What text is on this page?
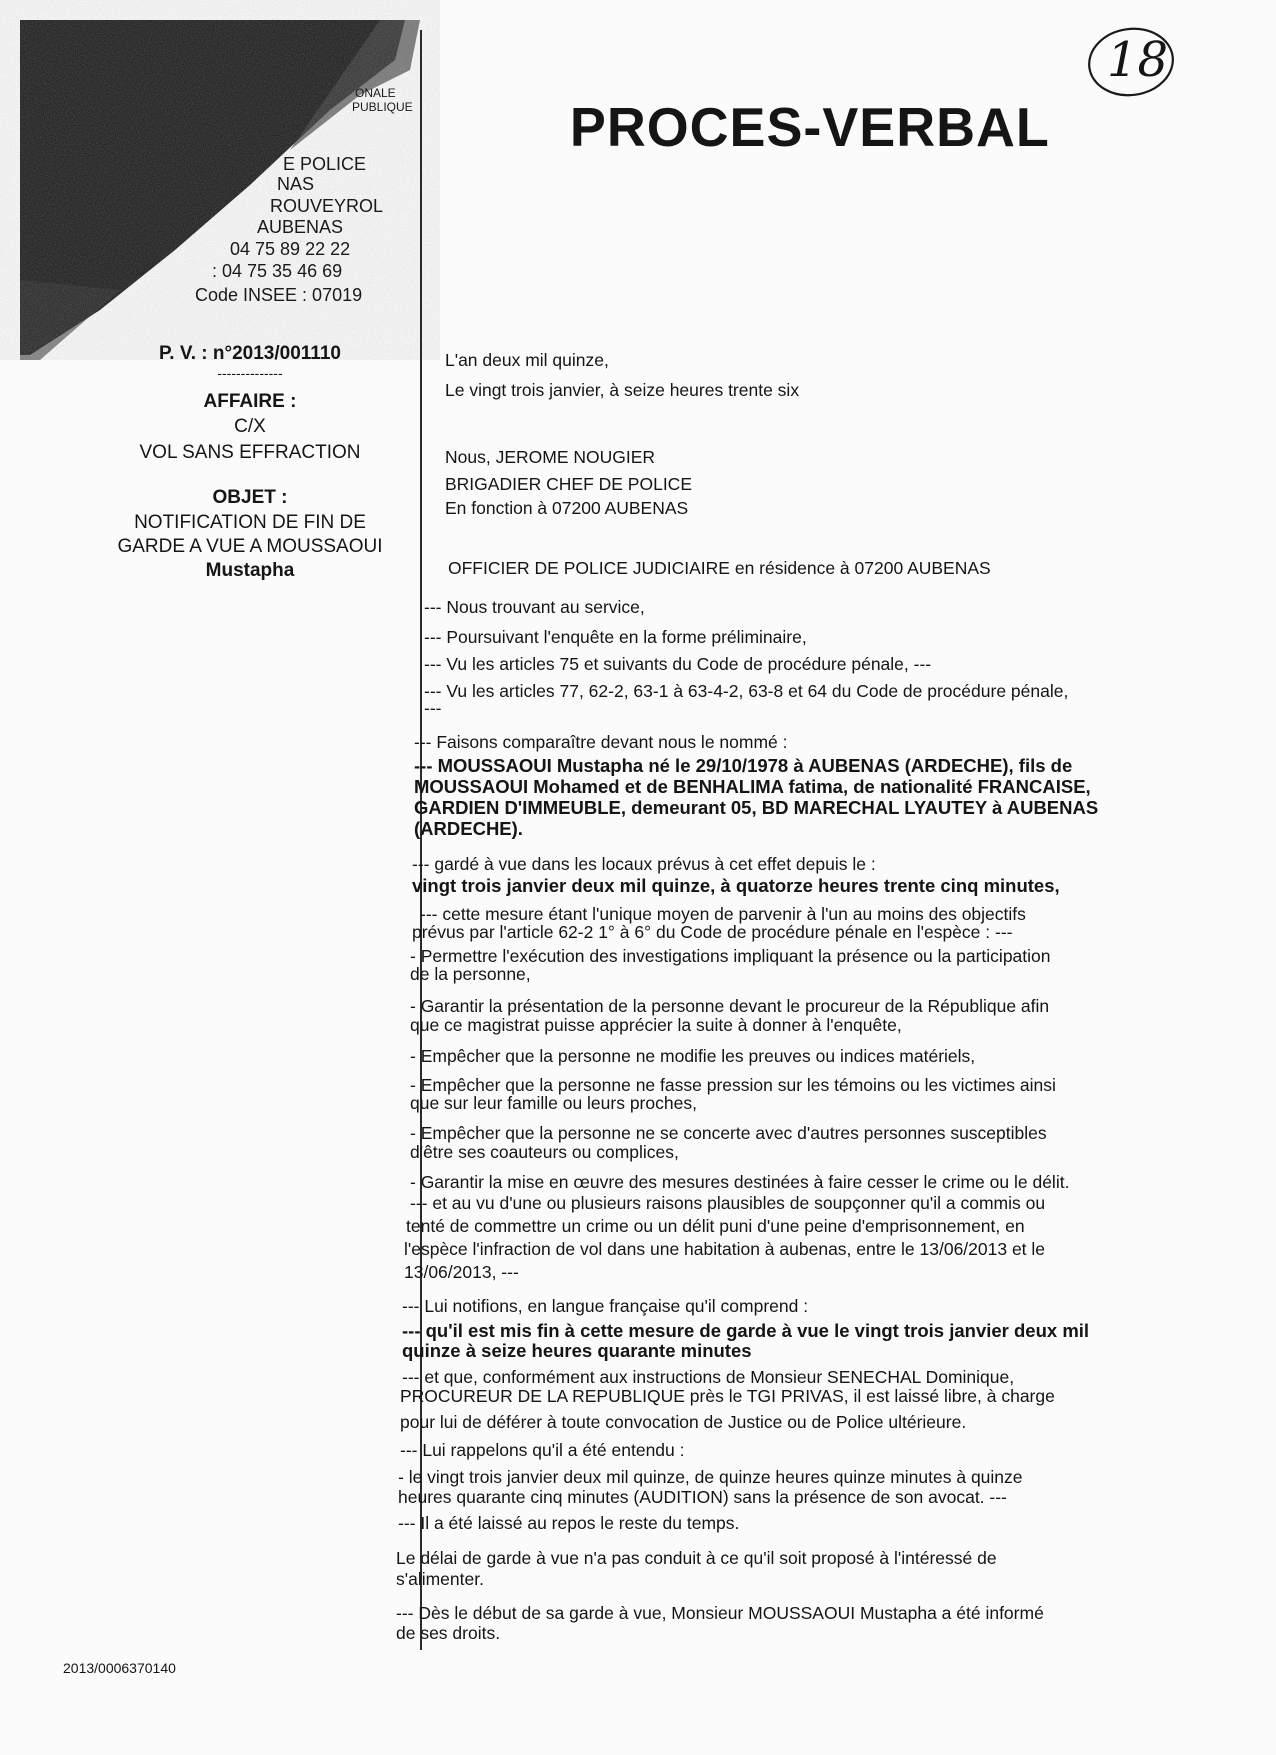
ONALE
PUBLIQUE
E POLICE
NAS
ROUVEYROL
AUBENAS
04 75 89 22 22
: 04 75 35 46 69
Code INSEE : 07019
PROCES-VERBAL
18
P. V. : n°2013/001110
--------------
AFFAIRE :
C/X
VOL SANS EFFRACTION
OBJET :
NOTIFICATION DE FIN DE
GARDE A VUE A MOUSSAOUI
Mustapha
L'an deux mil quinze,
Le vingt trois janvier, à seize heures trente six
Nous, JEROME NOUGIER
BRIGADIER CHEF DE POLICE
En fonction à 07200 AUBENAS
OFFICIER DE POLICE JUDICIAIRE en résidence à 07200 AUBENAS
--- Nous trouvant au service,
--- Poursuivant l'enquête en la forme préliminaire,
--- Vu les articles 75 et suivants du Code de procédure pénale, ---
--- Vu les articles 77, 62-2, 63-1 à 63-4-2, 63-8 et 64 du Code de procédure pénale,
---
--- Faisons comparaître devant nous le nommé :
--- MOUSSAOUI Mustapha né le 29/10/1978 à AUBENAS (ARDECHE), fils de
MOUSSAOUI Mohamed et de BENHALIMA fatima, de nationalité FRANCAISE,
GARDIEN D'IMMEUBLE, demeurant 05, BD MARECHAL LYAUTEY à AUBENAS
(ARDECHE).
--- gardé à vue dans les locaux prévus à cet effet depuis le :
vingt trois janvier deux mil quinze, à quatorze heures trente cinq minutes,
--- cette mesure étant l'unique moyen de parvenir à l'un au moins des objectifs
prévus par l'article 62-2 1° à 6° du Code de procédure pénale en l'espèce : ---
- Permettre l'exécution des investigations impliquant la présence ou la participation
de la personne,
- Garantir la présentation de la personne devant le procureur de la République afin
que ce magistrat puisse apprécier la suite à donner à l'enquête,
- Empêcher que la personne ne modifie les preuves ou indices matériels,
- Empêcher que la personne ne fasse pression sur les témoins ou les victimes ainsi
que sur leur famille ou leurs proches,
- Empêcher que la personne ne se concerte avec d'autres personnes susceptibles
d'être ses coauteurs ou complices,
- Garantir la mise en œuvre des mesures destinées à faire cesser le crime ou le délit.
--- et au vu d'une ou plusieurs raisons plausibles de soupçonner qu'il a commis ou
tenté de commettre un crime ou un délit puni d'une peine d'emprisonnement, en
l'espèce l'infraction de vol dans une habitation à aubenas, entre le 13/06/2013 et le
13/06/2013, ---
--- Lui notifions, en langue française qu'il comprend :
--- qu'il est mis fin à cette mesure de garde à vue le vingt trois janvier deux mil
quinze à seize heures quarante minutes
--- et que, conformément aux instructions de Monsieur SENECHAL Dominique,
PROCUREUR DE LA REPUBLIQUE près le TGI PRIVAS, il est laissé libre, à charge
pour lui de déférer à toute convocation de Justice ou de Police ultérieure.
--- Lui rappelons qu'il a été entendu :
- le vingt trois janvier deux mil quinze, de quinze heures quinze minutes à quinze
heures quarante cinq minutes (AUDITION) sans la présence de son avocat. ---
--- Il a été laissé au repos le reste du temps.
Le délai de garde à vue n'a pas conduit à ce qu'il soit proposé à l'intéressé de
s'alimenter.
--- Dès le début de sa garde à vue, Monsieur MOUSSAOUI Mustapha a été informé
de ses droits.
2013/0006370140
